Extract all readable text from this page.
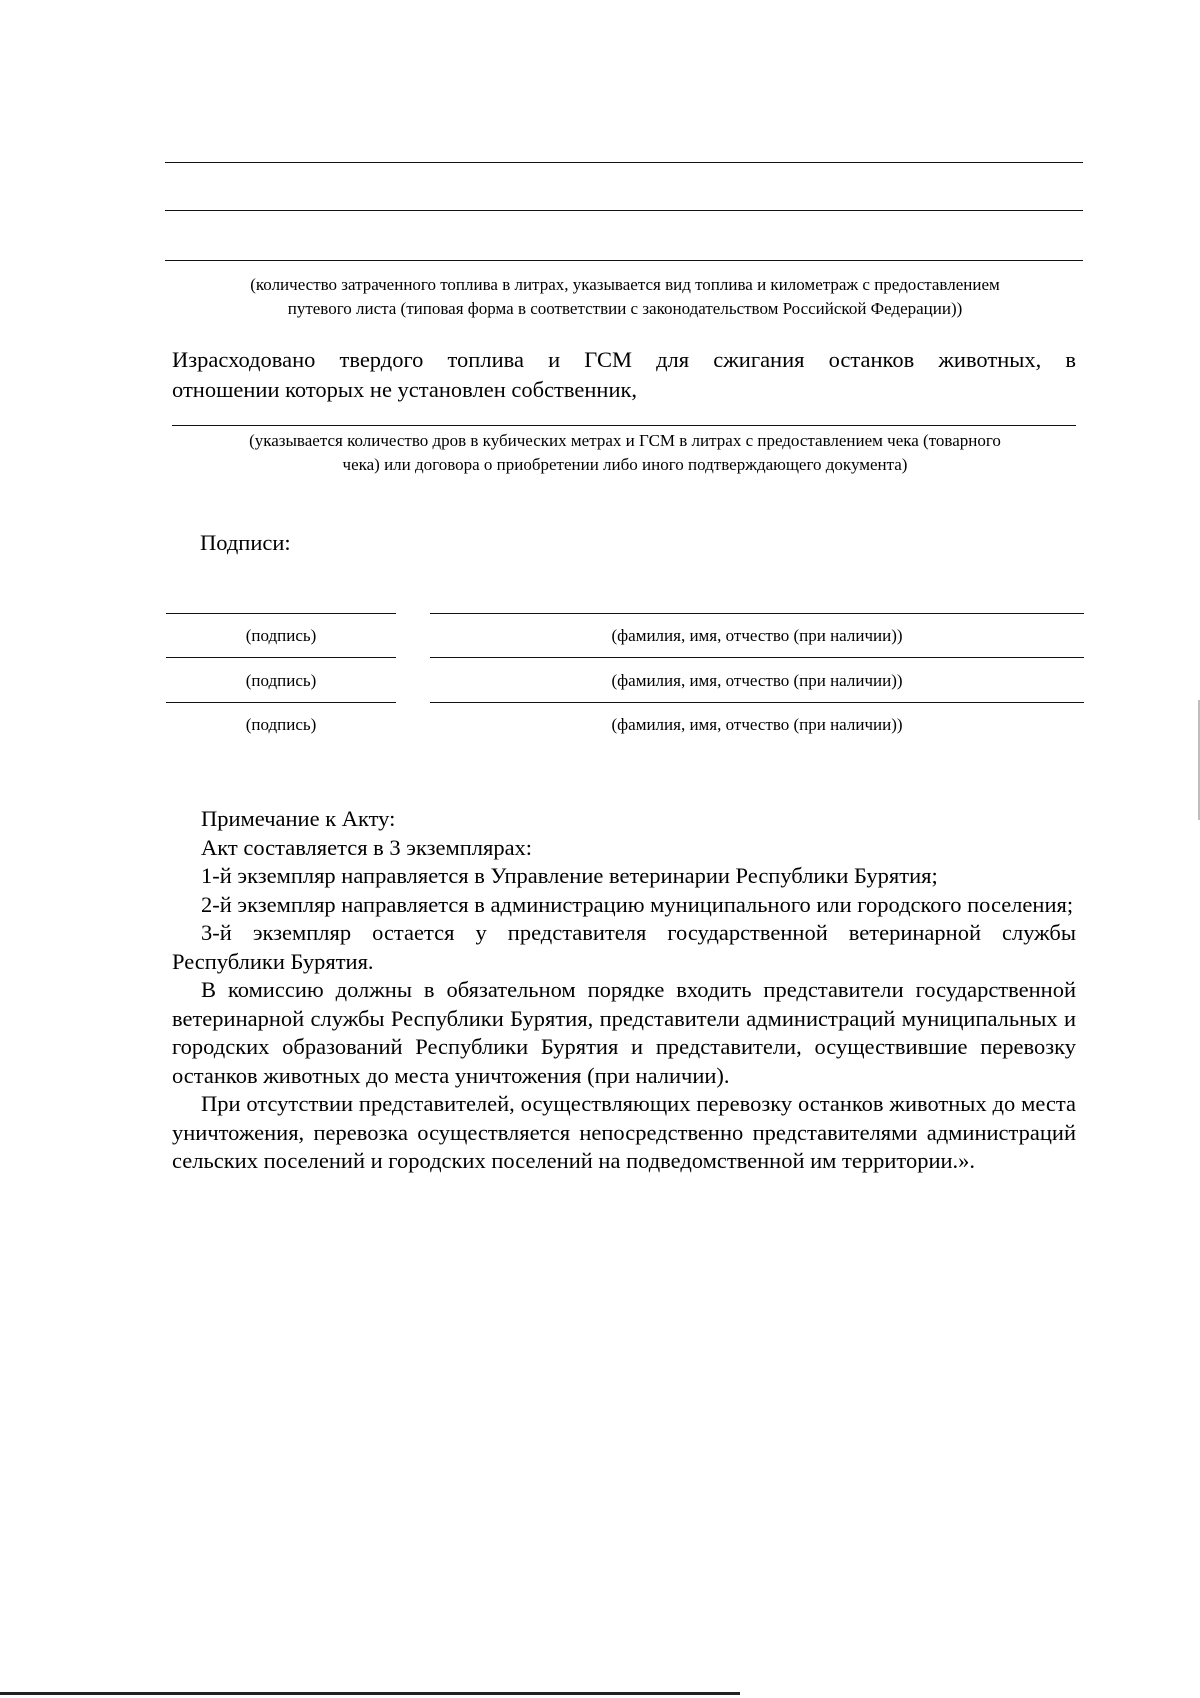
(количество затраченного топлива в литрах, указывается вид топлива и километраж с предоставлением
путевого листа (типовая форма в соответствии с законодательством Российской Федерации))
Израсходовано твердого топлива и ГСМ для сжигания останков животных, в
отношении которых не установлен собственник,
(указывается количество дров в кубических метрах и ГСМ в литрах с предоставлением чека (товарного
чека) или договора о приобретении либо иного подтверждающего документа)
Подписи:
(подпись)	(фамилия, имя, отчество (при наличии))
(подпись)	(фамилия, имя, отчество (при наличии))
(подпись)	(фамилия, имя, отчество (при наличии))

Примечание к Акту:

Акт составляется в 3 экземплярах:

1-й экземпляр направляется в Управление ветеринарии Республики Бурятия;

2-й экземпляр направляется в администрацию муниципального или городского поселения;

3-й экземпляр остается у представителя государственной ветеринарной службы Республики Бурятия.

В комиссию должны в обязательном порядке входить представители государственной ветеринарной службы Республики Бурятия, представители администраций муниципальных и городских образований Республики Бурятия и представители, осуществившие перевозку останков животных до места уничтожения (при наличии).

При отсутствии представителей, осуществляющих перевозку останков животных до места уничтожения, перевозка осуществляется непосредственно представителями администраций сельских поселений и городских поселений на подведомственной им территории.».
